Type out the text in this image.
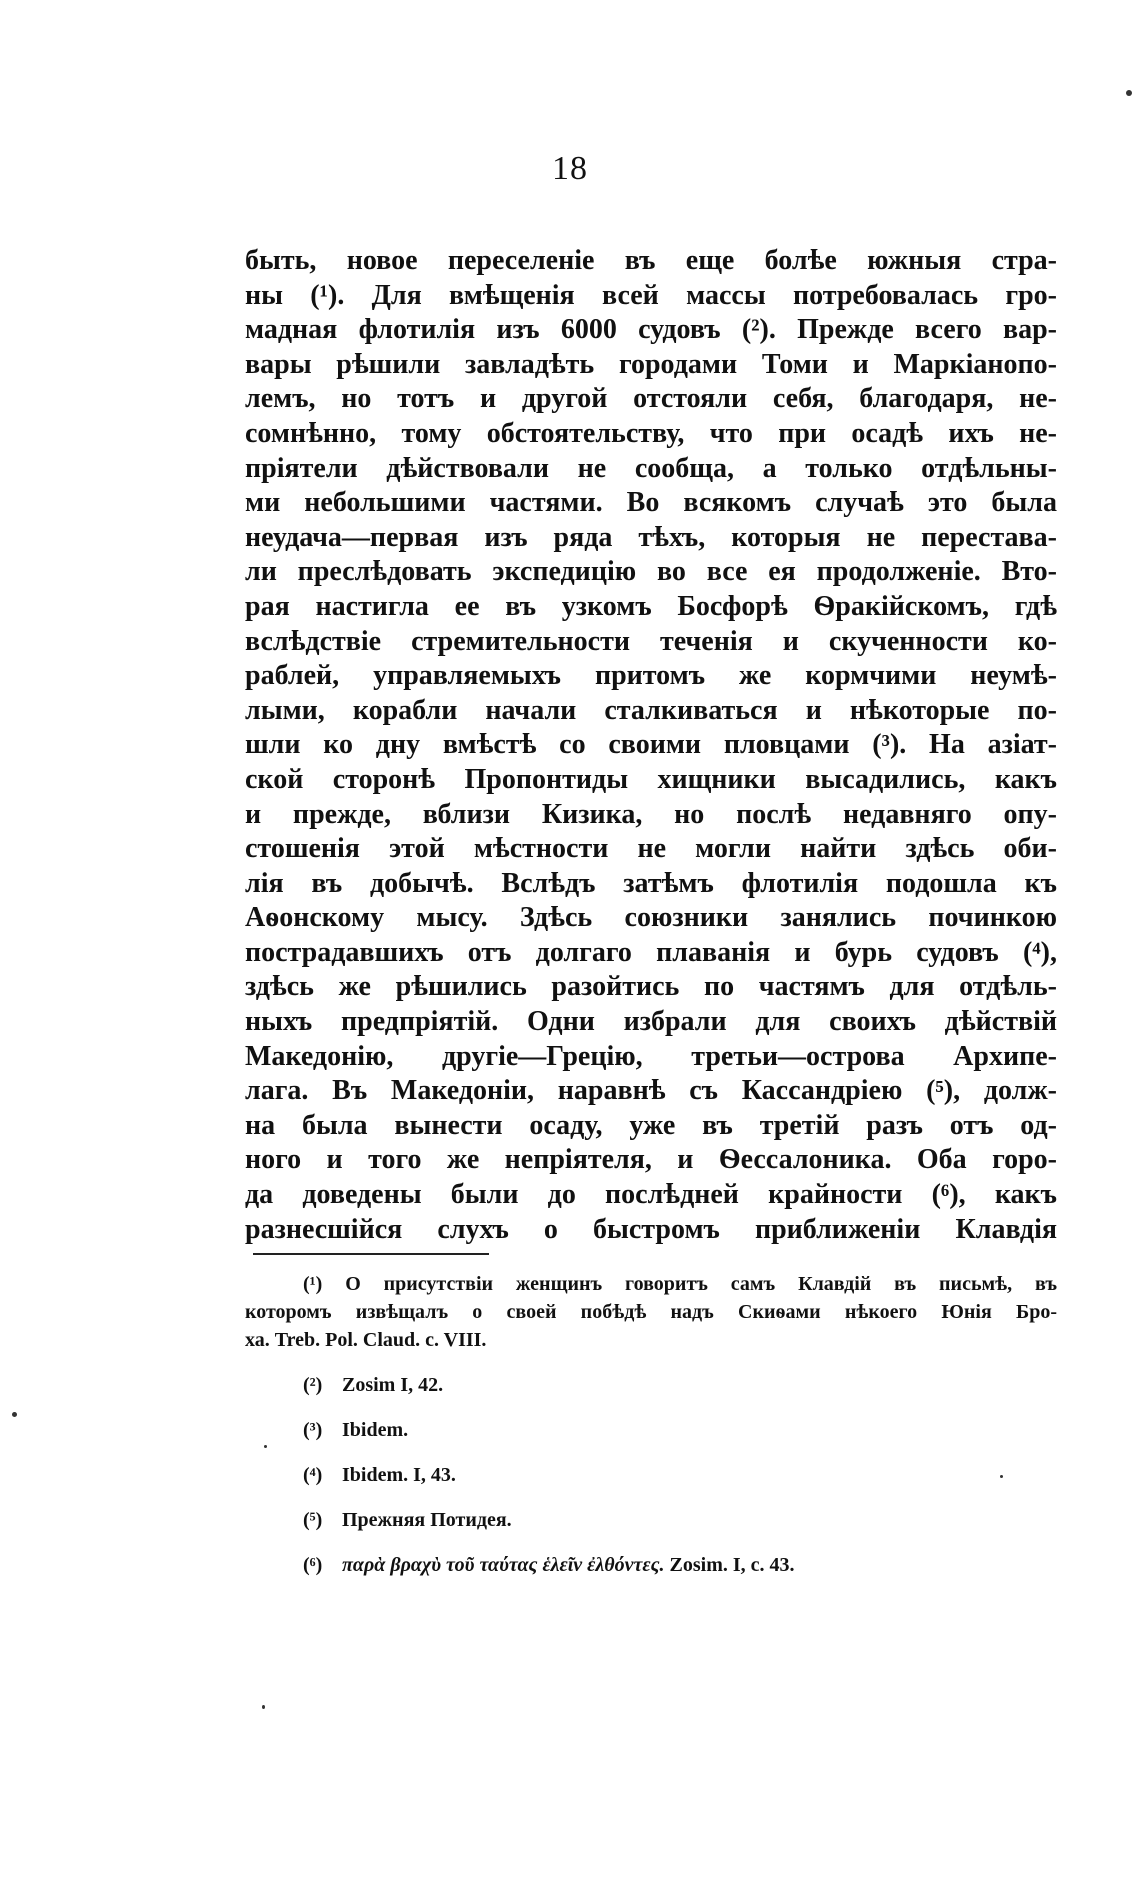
18
быть, новое переселеніе въ еще болѣе южныя стра-
ны (¹). Для вмѣщенія всей массы потребовалась гро-
мадная флотилія изъ 6000 судовъ (²). Прежде всего вар-
вары рѣшили завладѣть городами Томи и Маркіанопо-
лемъ, но тотъ и другой отстояли себя, благодаря, не-
сомнѣнно, тому обстоятельству, что при осадѣ ихъ не-
пріятели дѣйствовали не сообща, а только отдѣльны-
ми небольшими частями. Во всякомъ случаѣ это была
неудача—первая изъ ряда тѣхъ, которыя не переставa-
ли преслѣдовать экспедицію во все ея продолженіе. Вто-
рая настигла ее въ узкомъ Босфорѣ Ѳракійскомъ, гдѣ
вслѣдствіе стремительности теченія и скученности ко-
раблей, управляемыхъ притомъ же кормчими неумѣ-
лыми, корабли начали сталкиваться и нѣкоторые по-
шли ко дну вмѣстѣ со своими пловцами (³). На азіат-
ской сторонѣ Пропонтиды хищники высадились, какъ
и прежде, вблизи Кизика, но послѣ недавняго опу-
стошенія этой мѣстности не могли найти здѣсь оби-
лія въ добычѣ. Вслѣдъ затѣмъ флотилія подошла къ
Аѳонскому мысу. Здѣсь союзники занялись починкою
пострадавшихъ отъ долгаго плаванія и бурь судовъ (⁴),
здѣсь же рѣшились разойтись по частямъ для отдѣль-
ныхъ предпріятій. Одни избрали для своихъ дѣйствій
Македонію, другіе—Грецію, третьи—острова Архипе-
лага. Въ Македоніи, наравнѣ съ Кассандріею (⁵), долж-
на была вынести осаду, уже въ третій разъ отъ од-
ного и того же непріятеля, и Ѳессалоника. Оба горо-
да доведены были до послѣдней крайности (⁶), какъ
разнесшійся слухъ о быстромъ приближеніи Клавдія
(¹) О присутствіи женщинъ говоритъ самъ Клавдій въ письмѣ, въ
которомъ извѣщалъ о своей побѣдѣ надъ Скиѳами нѣкоего Юнія Бро-
ха. Treb. Pol. Claud. c. VIII.
(²) Zosim I, 42.
(³) Ibidem.
(⁴) Ibidem. I, 43.
(⁵) Прежняя Потидея.
(⁶) παρὰ βραχὺ τοῦ ταύτας ἑλεῖν ἐλθόντες. Zosim. I, c. 43.
